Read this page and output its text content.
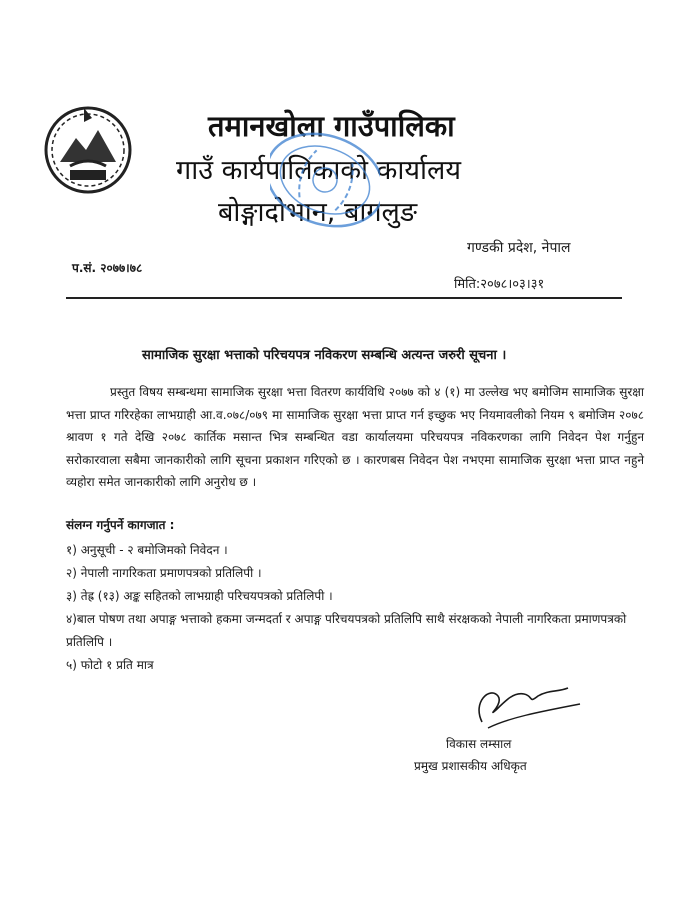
तमानखोला गाउँपालिका
गाउँ कार्यपालिकाको कार्यालय
बोङ्गादोभान, बागलुङ
गण्डकी प्रदेश, नेपाल
प.सं. २०७७।७८
मिति:२०७८।०३।३१
सामाजिक सुरक्षा भत्ताको परिचयपत्र नविकरण सम्बन्धि अत्यन्त जरुरी सूचना ।

प्रस्तुत विषय सम्बन्धमा सामाजिक सुरक्षा भत्ता वितरण कार्यविधि २०७७ को ४ (१) मा उल्लेख भए बमोजिम सामाजिक सुरक्षा भत्ता प्राप्त गरिरहेका लाभग्राही आ.व.०७८/०७९ मा सामाजिक सुरक्षा भत्ता प्राप्त गर्न इच्छुक भए नियमावलीको नियम ९ बमोजिम २०७८ श्रावण १ गते देखि २०७८ कार्तिक मसान्त भित्र सम्बन्धित वडा कार्यालयमा परिचयपत्र नविकरणका लागि निवेदन पेश गर्नुहुन सरोकारवाला सबैमा जानकारीको लागि सूचना प्रकाशन गरिएको छ । कारणबस निवेदन पेश नभएमा सामाजिक सुरक्षा भत्ता प्राप्त नहुने व्यहोरा समेत जानकारीको लागि अनुरोध छ ।

संलग्न गर्नुपर्ने कागजात :
१) अनुसूची - २ बमोजिमको निवेदन ।
२) नेपाली नागरिकता प्रमाणपत्रको प्रतिलिपी ।
३) तेह्र (१३) अङ्क सहितको लाभग्राही परिचयपत्रको प्रतिलिपी ।
४)बाल पोषण तथा अपाङ्ग भत्ताको हकमा जन्मदर्ता र अपाङ्ग परिचयपत्रको प्रतिलिपि साथै संरक्षकको नेपाली नागरिकता प्रमाणपत्रको प्रतिलिपि ।
५) फोटो १ प्रति मात्र
विकास लम्साल
प्रमुख प्रशासकीय अधिकृत
